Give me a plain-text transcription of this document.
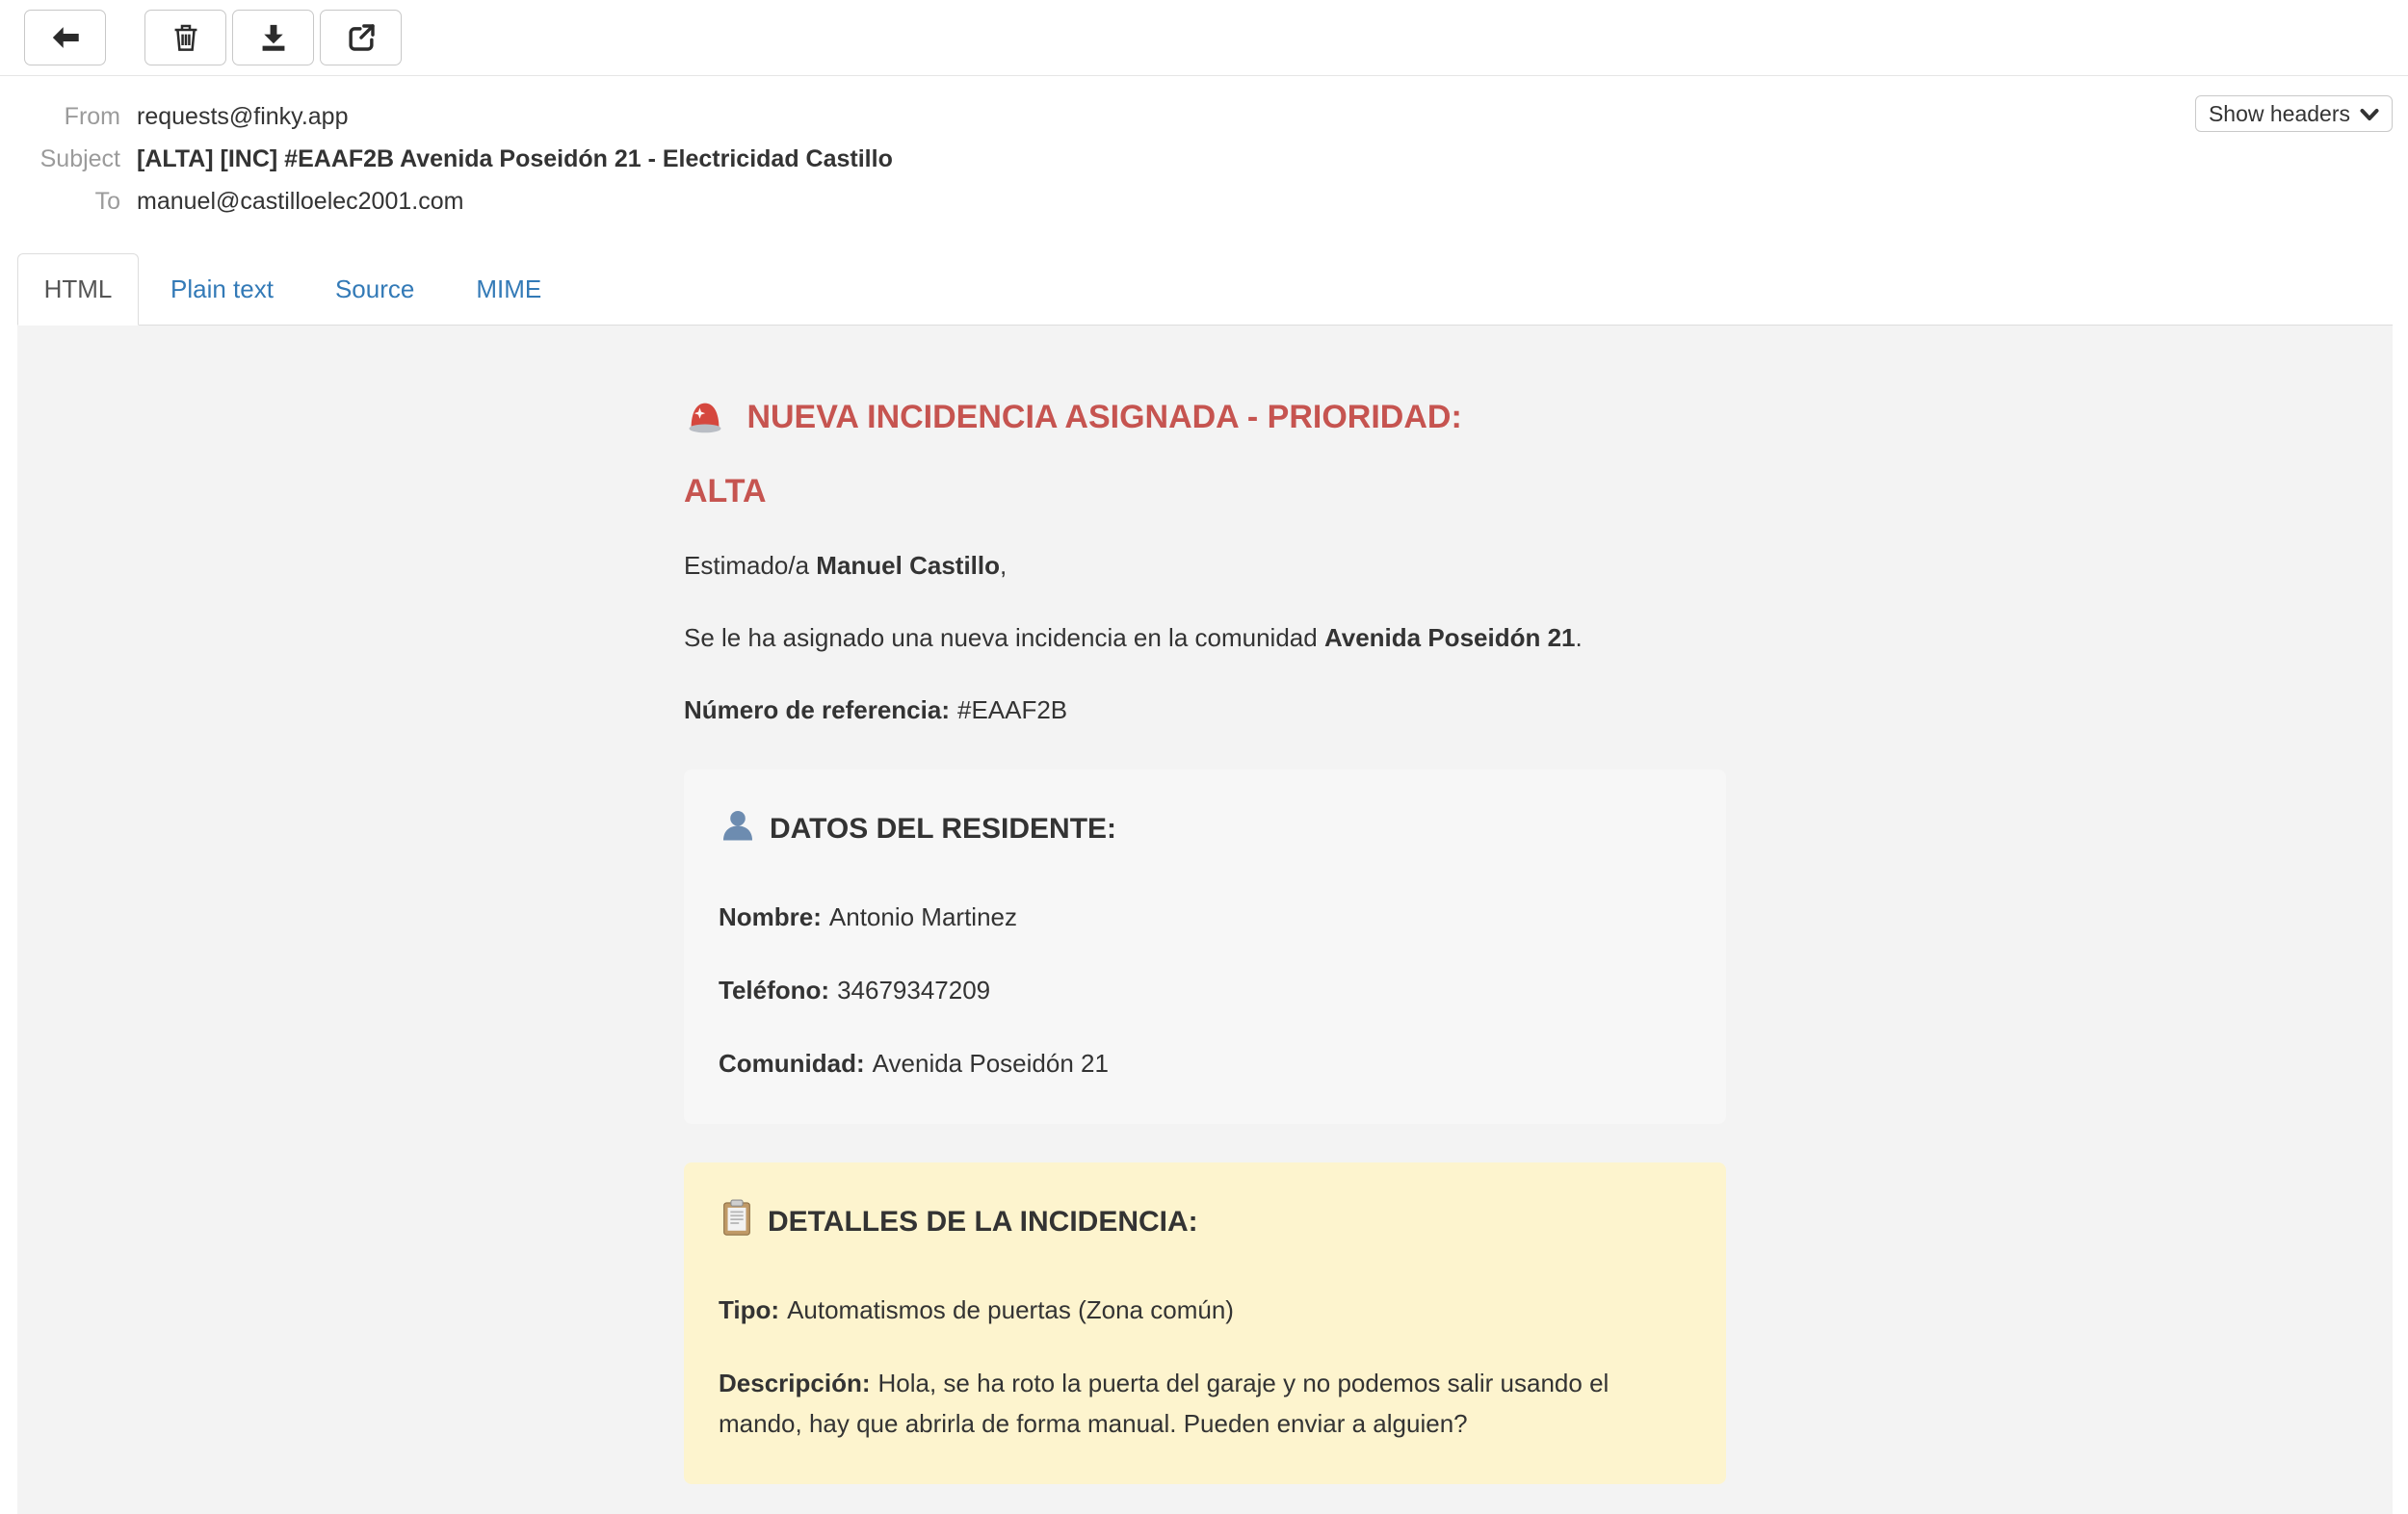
From requests@finky.app
Subject [ALTA] [INC] #EAAF2B Avenida Poseidón 21 - Electricidad Castillo
To manuel@castilloelec2001.com
Show headers
HTML Plain text Source MIME
NUEVA INCIDENCIA ASIGNADA - PRIORIDAD:
ALTA

Estimado/a Manuel Castillo,

Se le ha asignado una nueva incidencia en la comunidad Avenida Poseidón 21.

Número de referencia: #EAAF2B

DATOS DEL RESIDENTE:
Nombre: Antonio Martinez
Teléfono: 34679347209
Comunidad: Avenida Poseidón 21
DETALLES DE LA INCIDENCIA:
Tipo: Automatismos de puertas (Zona común)
Descripción: Hola, se ha roto la puerta del garaje y no podemos salir usando el mando, hay que abrirla de forma manual. Pueden enviar a alguien?
